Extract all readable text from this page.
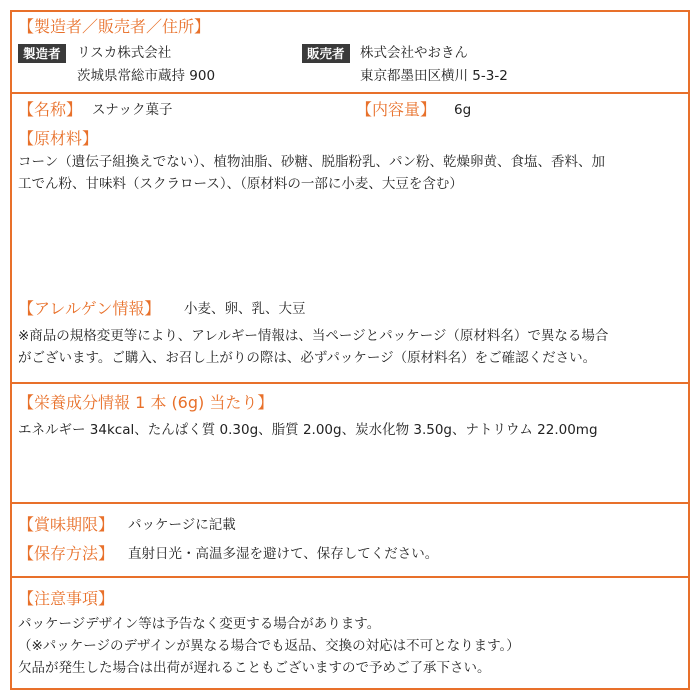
【製造者／販売者／住所】
製造者	リスカ株式会社
茨城県常総市蔵持 900
販売者	株式会社やおきん
東京都墨田区横川 5-3-2
【名称】 スナック菓子	【内容量】 6g
【原材料】
コーン（遺伝子組換えでない）、植物油脂、砂糖、脱脂粉乳、パン粉、乾燥卵黄、食塩、香料、加
工でん粉、甘味料（スクラロース）、（原材料の一部に小麦、大豆を含む）
【アレルゲン情報】 小麦、卵、乳、大豆
※商品の規格変更等により、アレルギー情報は、当ページとパッケージ（原材料名）で異なる場合
がございます。ご購入、お召し上がりの際は、必ずパッケージ（原材料名）をご確認ください。
【栄養成分情報 1 本 (6g) 当たり】
エネルギー 34kcal、たんぱく質 0.30g、脂質 2.00g、炭水化物 3.50g、ナトリウム 22.00mg
【賞味期限】 パッケージに記載
【保存方法】 直射日光・高温多湿を避けて、保存してください。
【注意事項】
パッケージデザイン等は予告なく変更する場合があります。
（※パッケージのデザインが異なる場合でも返品、交換の対応は不可となります。）
欠品が発生した場合は出荷が遅れることもございますので予めご了承下さい。
